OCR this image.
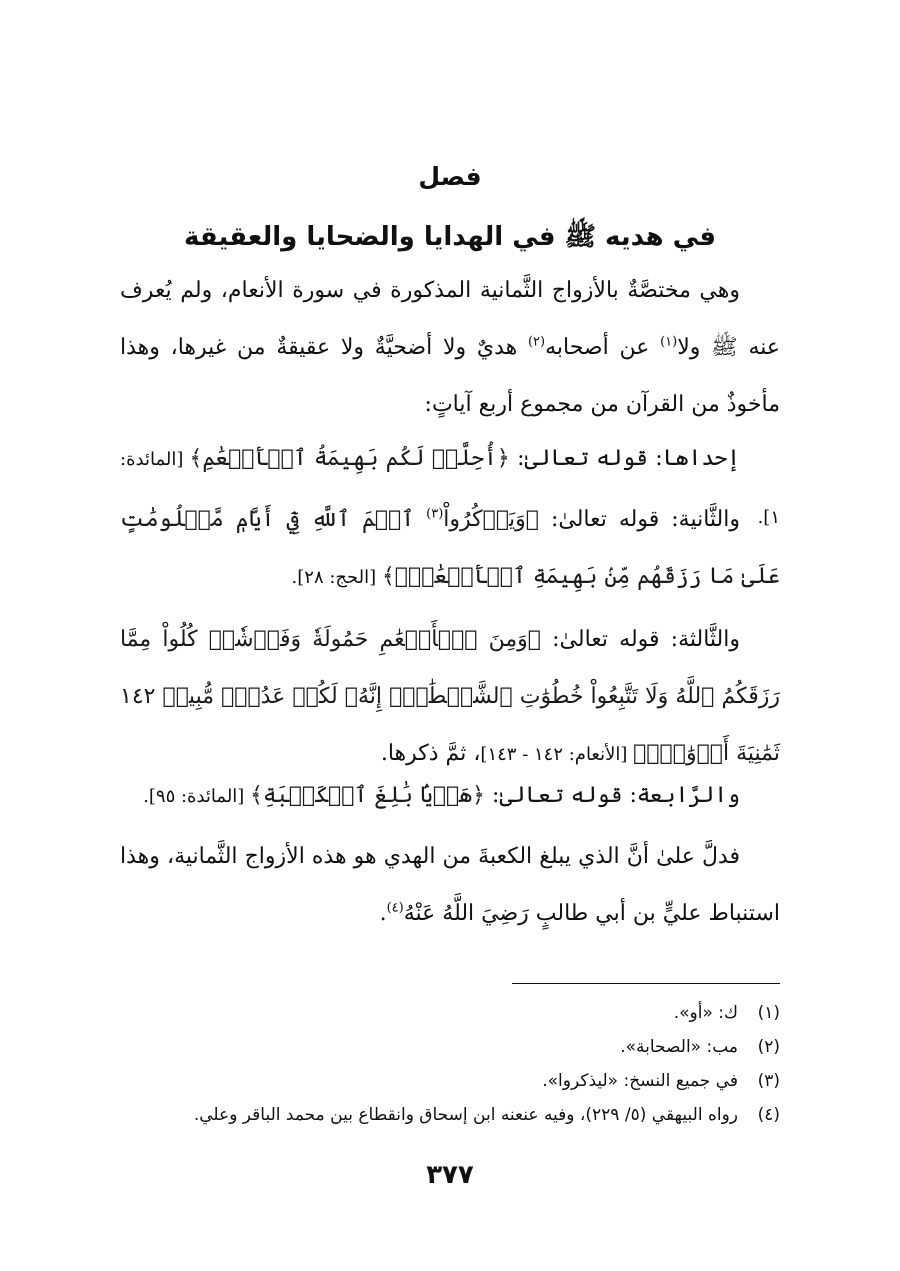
فصل
في هديه ﷺ في الهدايا والضحايا والعقيقة

وهي مختصَّةٌ بالأزواج الثَّمانية المذكورة في سورة الأنعام، ولم يُعرف عنه ﷺ ولا$^{(١)}$ عن أصحابه$^{(٢)}$ هديٌ ولا أضحيَّةٌ ولا عقيقةٌ من غيرها، وهذا مأخوذٌ من القرآن من مجموع أربع آياتٍ:

إحداها: قوله تعالىٰ: ﴿أُحِلَّتۡ لَكُم بَهِيمَةُ ٱلۡأَنۡعَٰمِ﴾ [المائدة: ١].

والثَّانية: قوله تعالىٰ: ﴿وَيَذۡكُرُواْ$^{(٣)}$ ٱسۡمَ ٱللَّهِ فِيٓ أَيَّامٖ مَّعۡلُومَٰتٍ عَلَىٰ مَا رَزَقَهُم مِّنۢ بَهِيمَةِ ٱلۡأَنۡعَٰمِۖ﴾ [الحج: ٢٨].

والثَّالثة: قوله تعالىٰ: ﴿وَمِنَ ٱلۡأَنۡعَٰمِ حَمُولَةٗ وَفَرۡشٗاۚ كُلُواْ مِمَّا رَزَقَكُمُ ٱللَّهُ وَلَا تَتَّبِعُواْ خُطُوَٰتِ ٱلشَّيۡطَٰنِۚ إِنَّهُۥ لَكُمۡ عَدُوّٞ مُّبِينٞ ١٤٢ ثَمَٰنِيَةَ أَزۡوَٰجٖۖ﴾ [الأنعام: ١٤٢ - ١٤٣]، ثمَّ ذكرها.

والرَّابعة: قوله تعالىٰ: ﴿هَدۡيَۢا بَٰلِغَ ٱلۡكَعۡبَةِ﴾ [المائدة: ٩٥].

فدلَّ علىٰ أنَّ الذي يبلغ الكعبةَ من الهدي هو هذه الأزواج الثَّمانية، وهذا استنباط عليٍّ بن أبي طالبٍ رَضِيَ اللَّهُ عَنْهُ$^{(٤)}$.

(١)ك: «أو».
(٢)مب: «الصحابة».
(٣)في جميع النسخ: «ليذكروا».
(٤)رواه البيهقي (٥/ ٢٢٩)، وفيه عنعنه ابن إسحاق وانقطاع بين محمد الباقر وعلي.
٣٧٧
